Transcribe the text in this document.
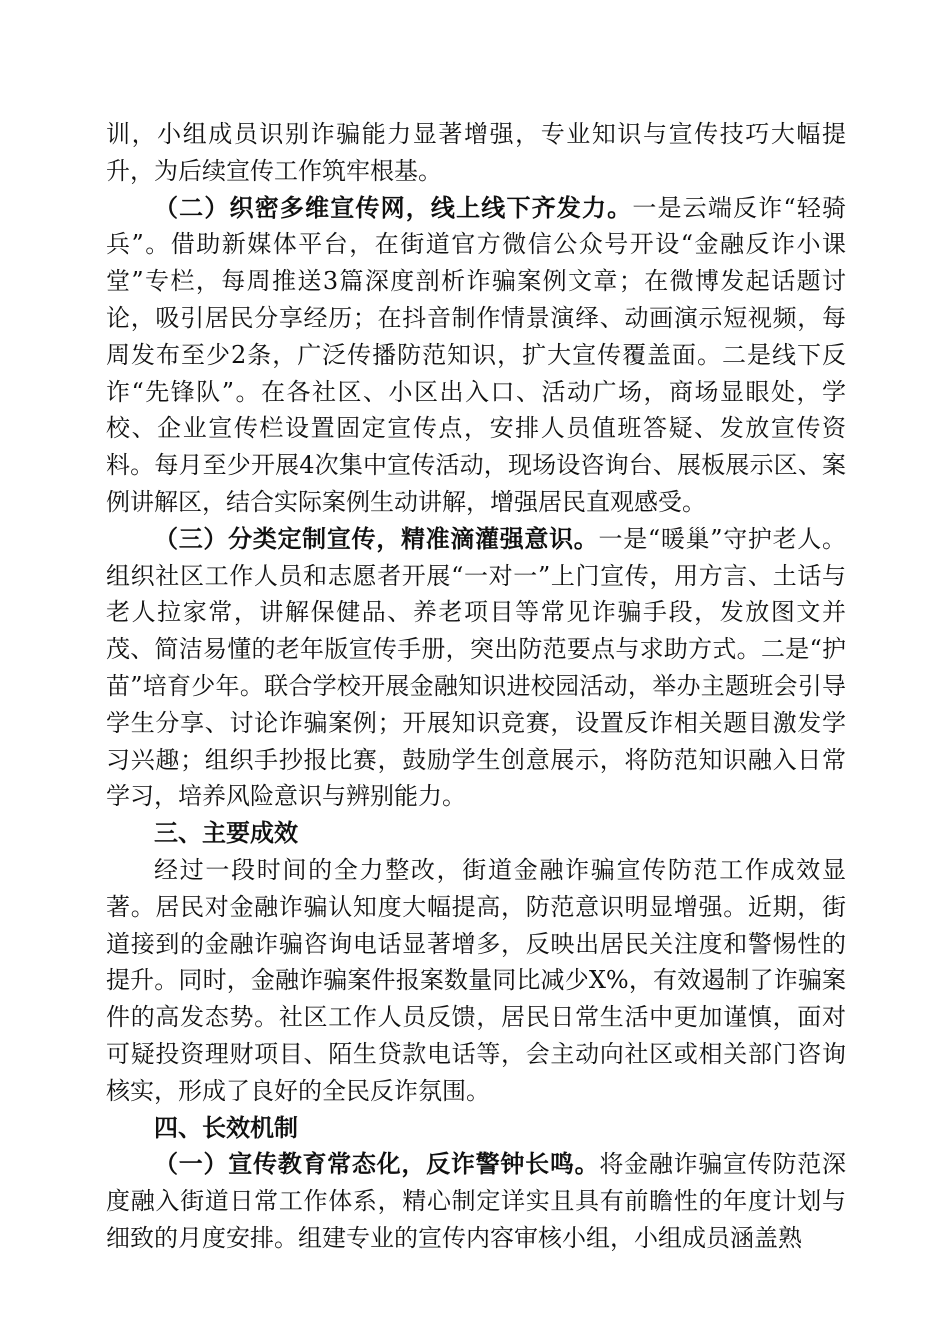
训，小组成员识别诈骗能力显著增强，专业知识与宣传技巧大幅提升，为后续宣传工作筑牢根基。

（二）织密多维宣传网，线上线下齐发力。一是云端反诈“轻骑兵”。借助新媒体平台，在街道官方微信公众号开设“金融反诈小课堂”专栏，每周推送3篇深度剖析诈骗案例文章；在微博发起话题讨论，吸引居民分享经历；在抖音制作情景演绎、动画演示短视频，每周发布至少2条，广泛传播防范知识，扩大宣传覆盖面。二是线下反诈“先锋队”。在各社区、小区出入口、活动广场，商场显眼处，学校、企业宣传栏设置固定宣传点，安排人员值班答疑、发放宣传资料。每月至少开展4次集中宣传活动，现场设咨询台、展板展示区、案例讲解区，结合实际案例生动讲解，增强居民直观感受。

（三）分类定制宣传，精准滴灌强意识。一是“暖巢”守护老人。组织社区工作人员和志愿者开展“一对一”上门宣传，用方言、土话与老人拉家常，讲解保健品、养老项目等常见诈骗手段，发放图文并茂、简洁易懂的老年版宣传手册，突出防范要点与求助方式。二是“护苗”培育少年。联合学校开展金融知识进校园活动，举办主题班会引导学生分享、讨论诈骗案例；开展知识竞赛，设置反诈相关题目激发学习兴趣；组织手抄报比赛，鼓励学生创意展示，将防范知识融入日常学习，培养风险意识与辨别能力。

三、主要成效

经过一段时间的全力整改，街道金融诈骗宣传防范工作成效显著。居民对金融诈骗认知度大幅提高，防范意识明显增强。近期，街道接到的金融诈骗咨询电话显著增多，反映出居民关注度和警惕性的提升。同时，金融诈骗案件报案数量同比减少X%，有效遏制了诈骗案件的高发态势。社区工作人员反馈，居民日常生活中更加谨慎，面对可疑投资理财项目、陌生贷款电话等，会主动向社区或相关部门咨询核实，形成了良好的全民反诈氛围。

四、长效机制

（一）宣传教育常态化，反诈警钟长鸣。将金融诈骗宣传防范深度融入街道日常工作体系，精心制定详实且具有前瞻性的年度计划与细致的月度安排。组建专业的宣传内容审核小组，小组成员涵盖熟
